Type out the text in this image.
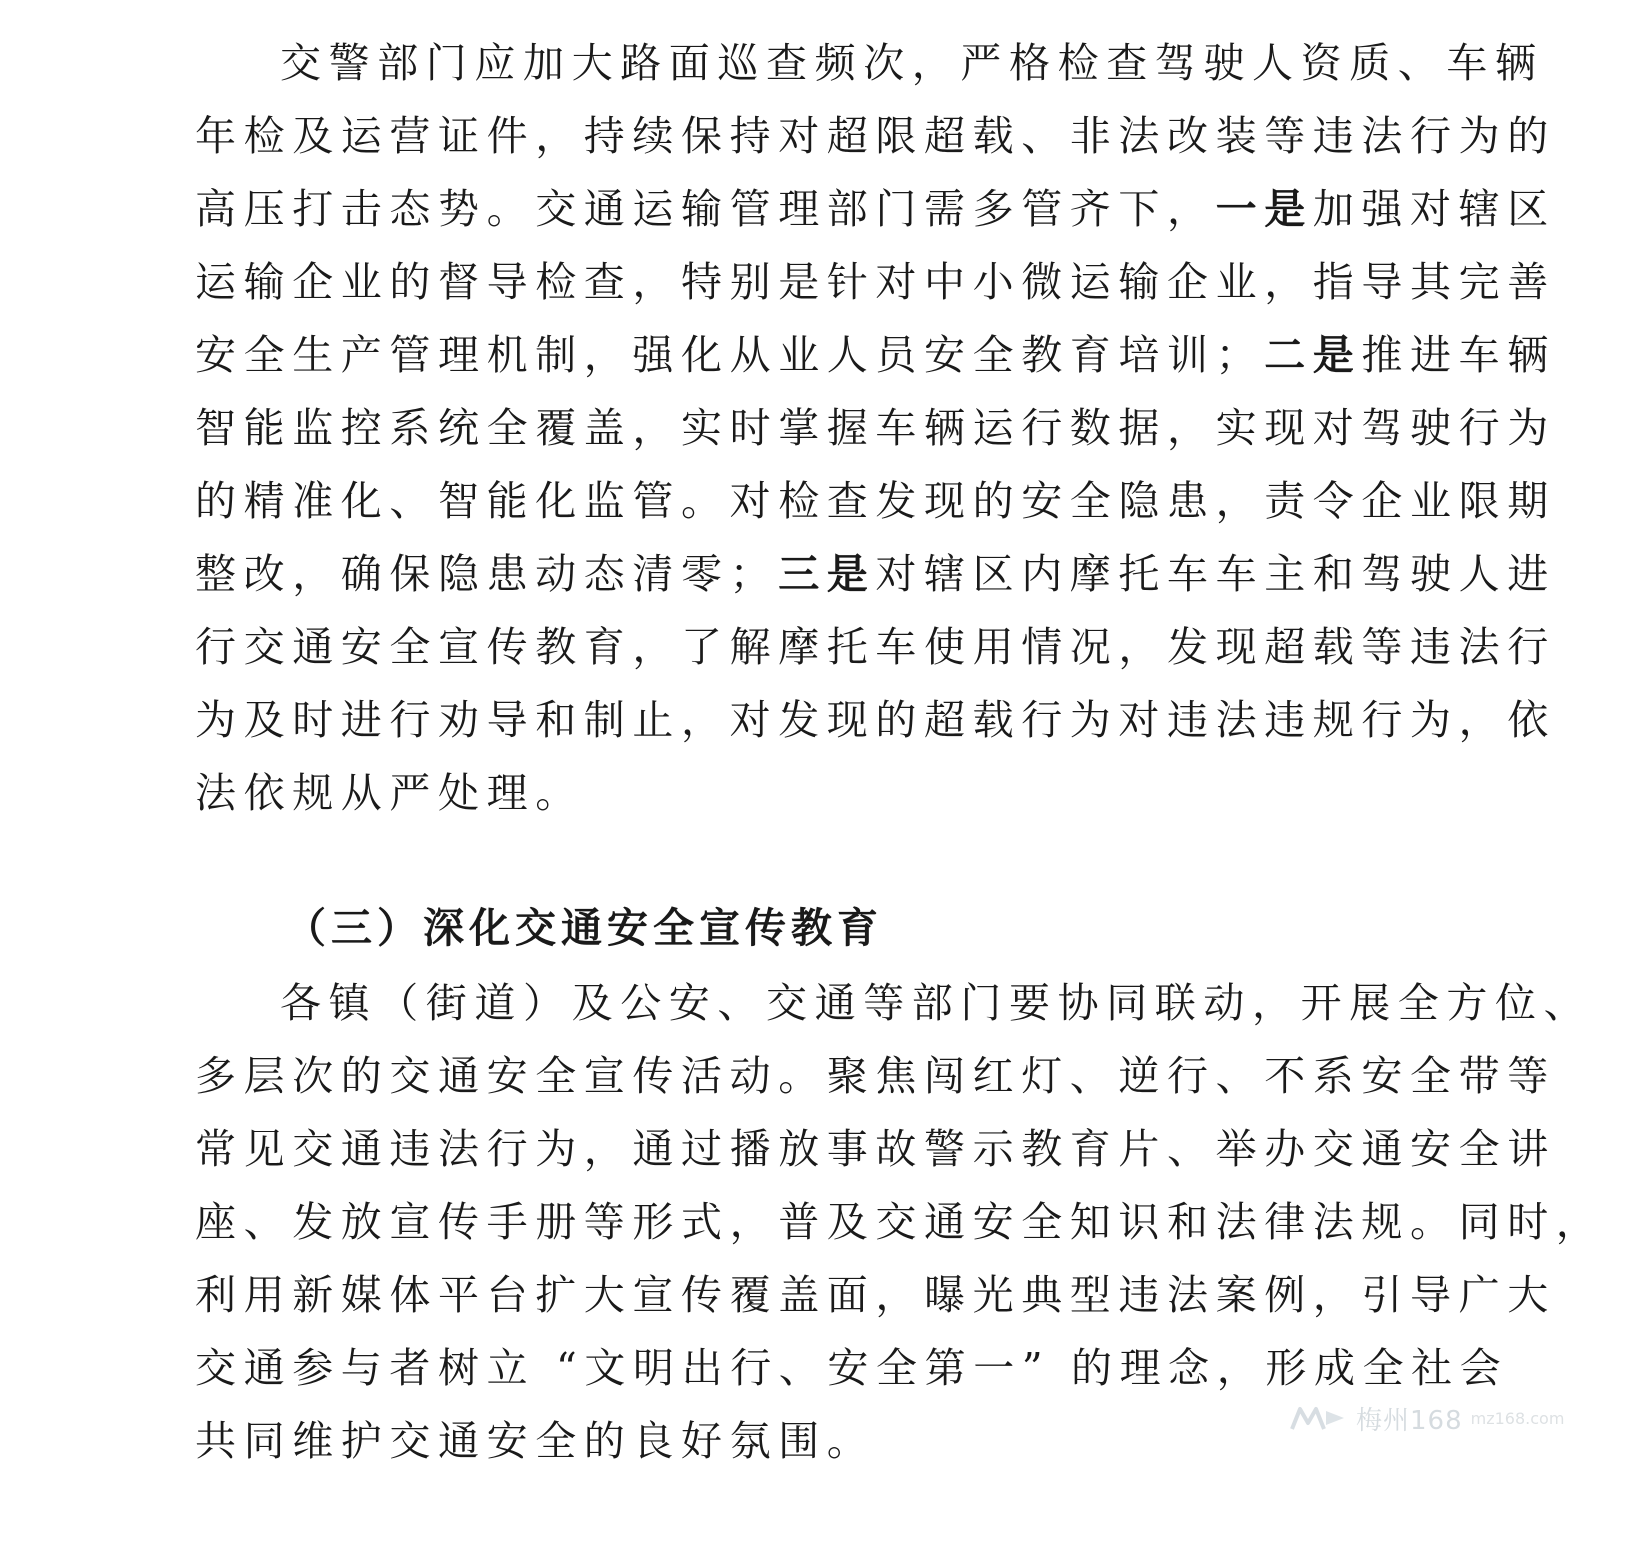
交警部门应加大路面巡查频次，严格检查驾驶人资质、车辆
年检及运营证件，持续保持对超限超载、非法改装等违法行为的
高压打击态势。交通运输管理部门需多管齐下，一是加强对辖区
运输企业的督导检查，特别是针对中小微运输企业，指导其完善
安全生产管理机制，强化从业人员安全教育培训；二是推进车辆
智能监控系统全覆盖，实时掌握车辆运行数据，实现对驾驶行为
的精准化、智能化监管。对检查发现的安全隐患，责令企业限期
整改，确保隐患动态清零；三是对辖区内摩托车车主和驾驶人进
行交通安全宣传教育，了解摩托车使用情况，发现超载等违法行
为及时进行劝导和制止，对发现的超载行为对违法违规行为，依
法依规从严处理。
（三）深化交通安全宣传教育
各镇（街道）及公安、交通等部门要协同联动，开展全方位、
多层次的交通安全宣传活动。聚焦闯红灯、逆行、不系安全带等
常见交通违法行为，通过播放事故警示教育片、举办交通安全讲
座、发放宣传手册等形式，普及交通安全知识和法律法规。同时，
利用新媒体平台扩大宣传覆盖面，曝光典型违法案例，引导广大
交通参与者树立 “文明出行、安全第一” 的理念，形成全社会
共同维护交通安全的良好氛围。	梅州168 mz168.com
